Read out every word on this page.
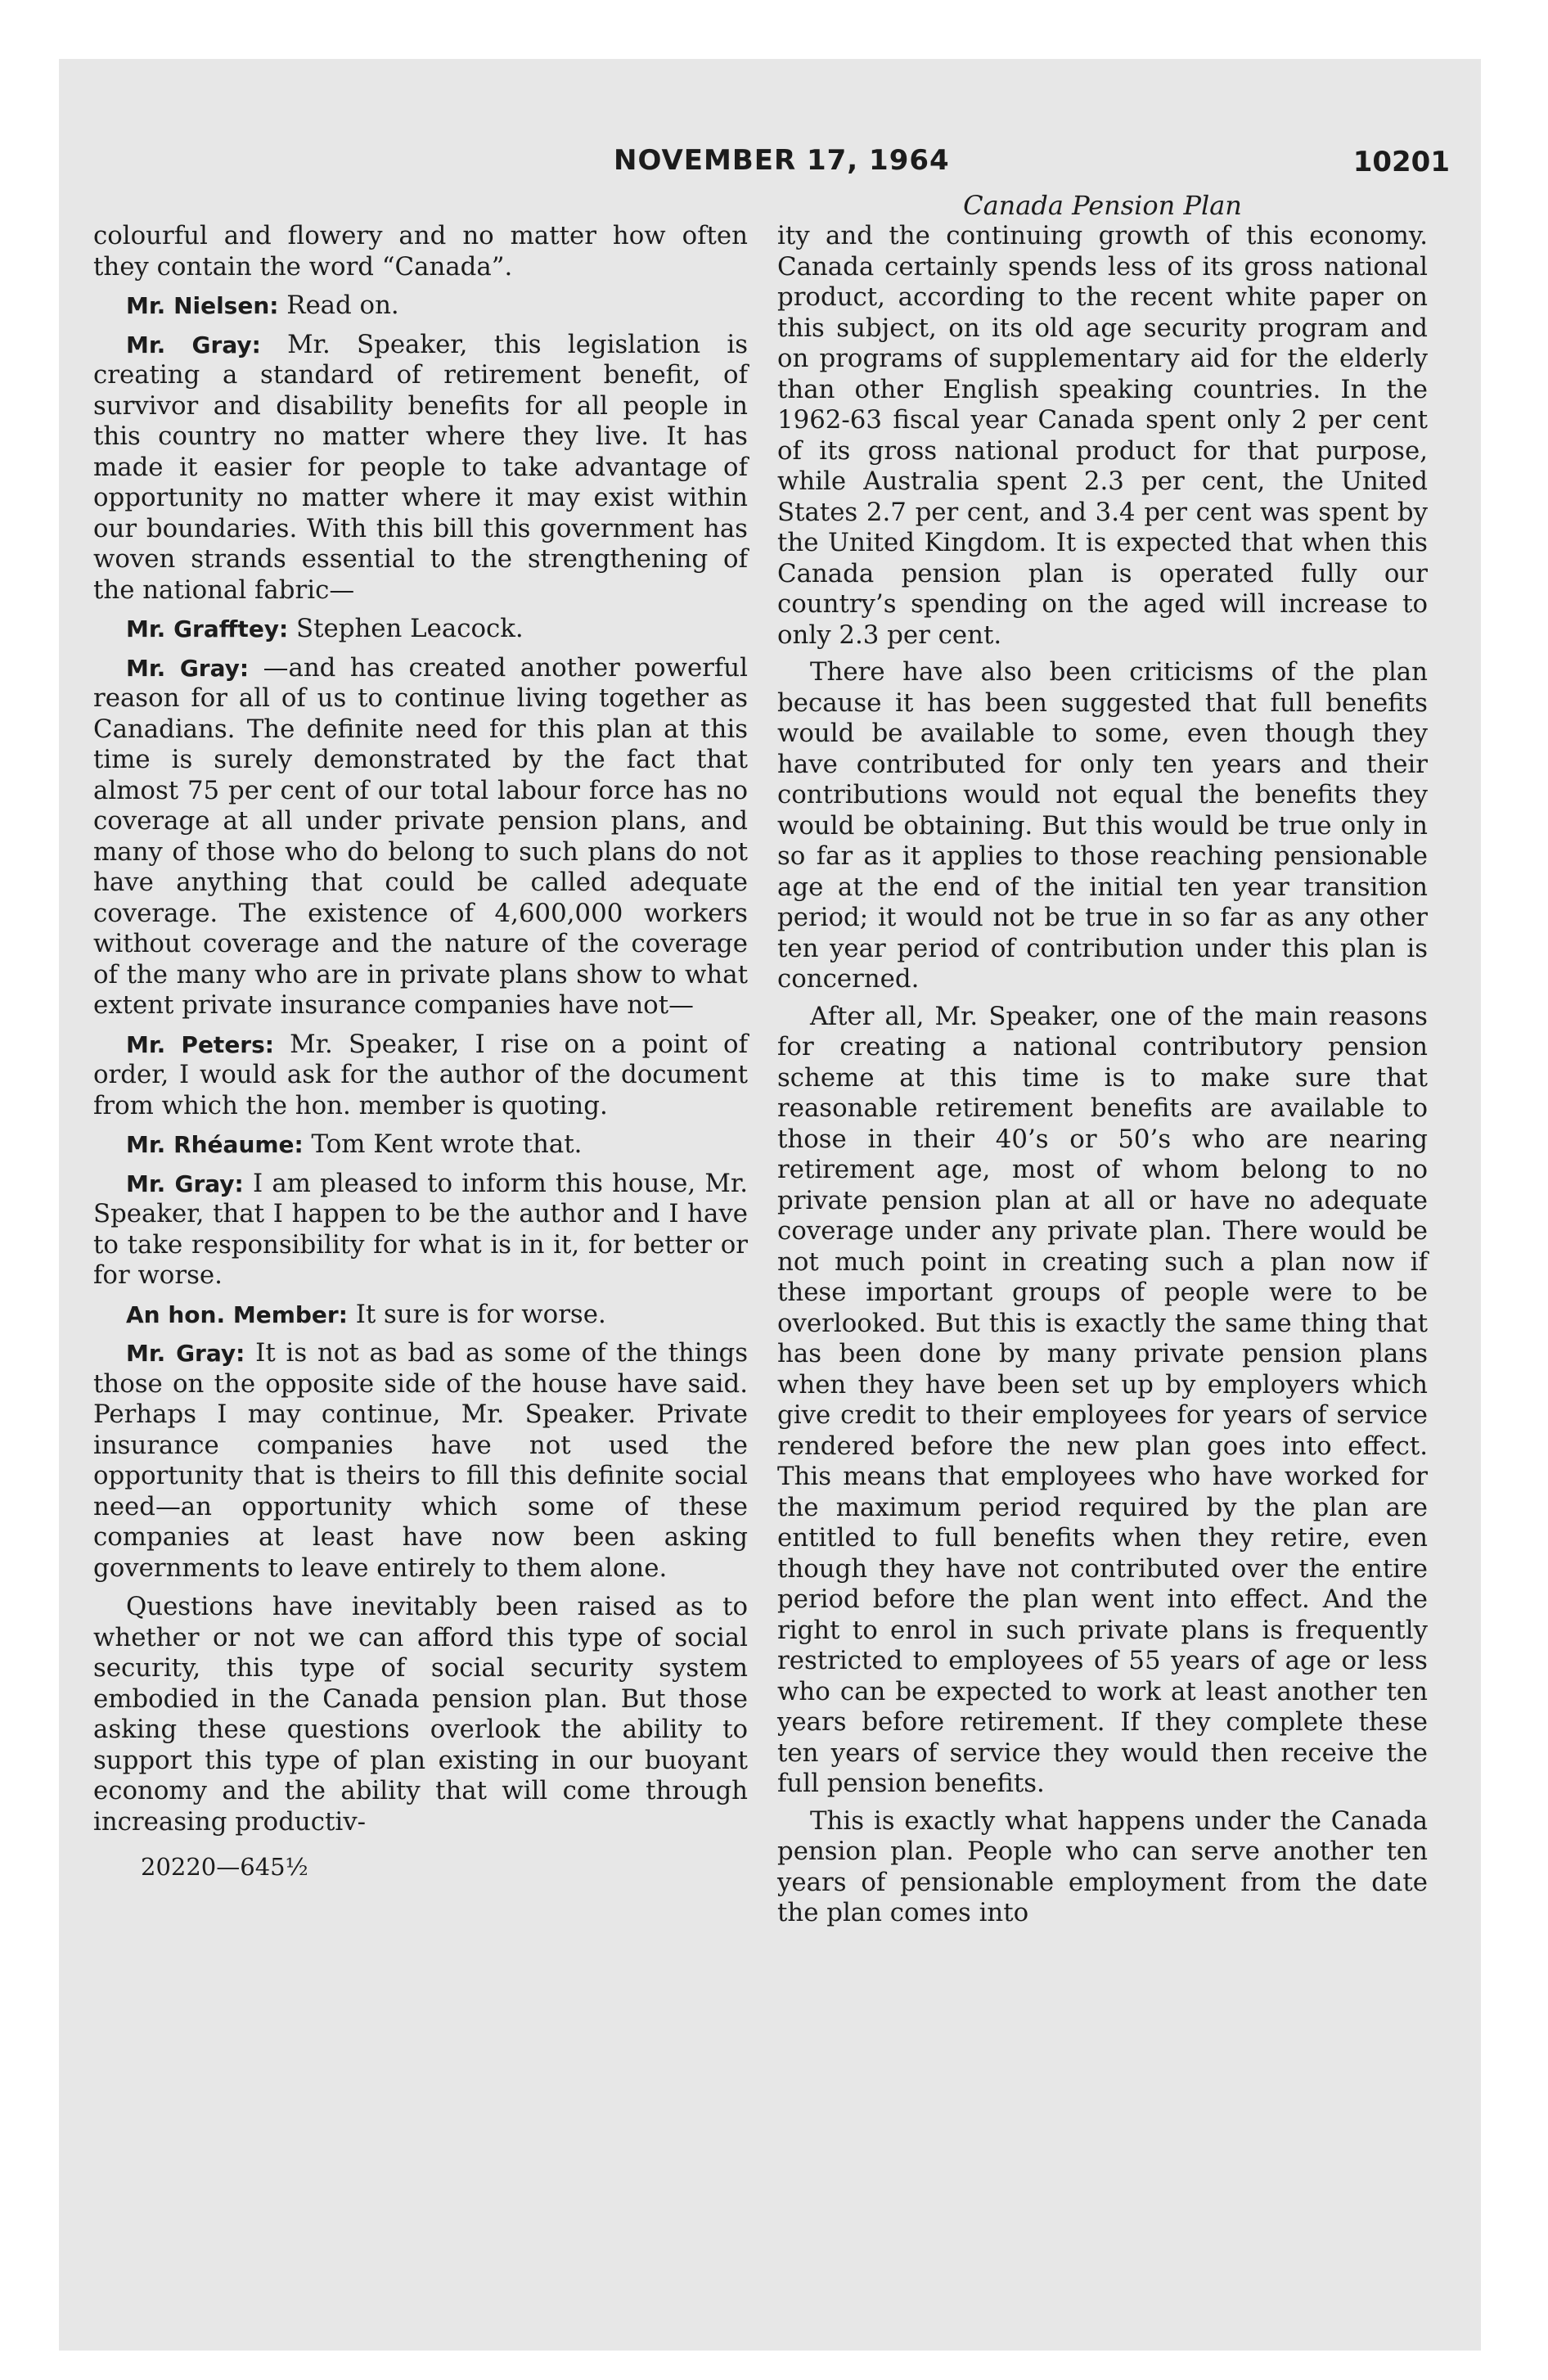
NOVEMBER 17, 1964	10201

colourful and flowery and no matter how often they contain the word “Canada”.

Mr. Nielsen: Read on.

Mr. Gray: Mr. Speaker, this legislation is creating a standard of retirement benefit, of survivor and disability benefits for all people in this country no matter where they live. It has made it easier for people to take advantage of opportunity no matter where it may exist within our boundaries. With this bill this government has woven strands essential to the strengthening of the national fabric—

Mr. Grafftey: Stephen Leacock.

Mr. Gray: —and has created another powerful reason for all of us to continue living together as Canadians. The definite need for this plan at this time is surely demonstrated by the fact that almost 75 per cent of our total labour force has no coverage at all under private pension plans, and many of those who do belong to such plans do not have anything that could be called adequate coverage. The existence of 4,600,000 workers without coverage and the nature of the coverage of the many who are in private plans show to what extent private insurance companies have not—

Mr. Peters: Mr. Speaker, I rise on a point of order, I would ask for the author of the document from which the hon. member is quoting.

Mr. Rhéaume: Tom Kent wrote that.

Mr. Gray: I am pleased to inform this house, Mr. Speaker, that I happen to be the author and I have to take responsibility for what is in it, for better or for worse.

An hon. Member: It sure is for worse.

Mr. Gray: It is not as bad as some of the things those on the opposite side of the house have said. Perhaps I may continue, Mr. Speaker. Private insurance companies have not used the opportunity that is theirs to fill this definite social need—an opportunity which some of these companies at least have now been asking governments to leave entirely to them alone.

Questions have inevitably been raised as to whether or not we can afford this type of social security, this type of social security system embodied in the Canada pension plan. But those asking these questions overlook the ability to support this type of plan existing in our buoyant economy and the ability that will come through increasing productiv-

20220—645½
Canada Pension Plan

ity and the continuing growth of this economy. Canada certainly spends less of its gross national product, according to the recent white paper on this subject, on its old age security program and on programs of supplementary aid for the elderly than other English speaking countries. In the 1962-63 fiscal year Canada spent only 2 per cent of its gross national product for that purpose, while Australia spent 2.3 per cent, the United States 2.7 per cent, and 3.4 per cent was spent by the United Kingdom. It is expected that when this Canada pension plan is operated fully our country’s spending on the aged will increase to only 2.3 per cent.

There have also been criticisms of the plan because it has been suggested that full benefits would be available to some, even though they have contributed for only ten years and their contributions would not equal the benefits they would be obtaining. But this would be true only in so far as it applies to those reaching pensionable age at the end of the initial ten year transition period; it would not be true in so far as any other ten year period of contribution under this plan is concerned.

After all, Mr. Speaker, one of the main reasons for creating a national contributory pension scheme at this time is to make sure that reasonable retirement benefits are available to those in their 40’s or 50’s who are nearing retirement age, most of whom belong to no private pension plan at all or have no adequate coverage under any private plan. There would be not much point in creating such a plan now if these important groups of people were to be overlooked. But this is exactly the same thing that has been done by many private pension plans when they have been set up by employers which give credit to their employees for years of service rendered before the new plan goes into effect. This means that employees who have worked for the maximum period required by the plan are entitled to full benefits when they retire, even though they have not contributed over the entire period before the plan went into effect. And the right to enrol in such private plans is frequently restricted to employees of 55 years of age or less who can be expected to work at least another ten years before retirement. If they complete these ten years of service they would then receive the full pension benefits.

This is exactly what happens under the Canada pension plan. People who can serve another ten years of pensionable employment from the date the plan comes into
